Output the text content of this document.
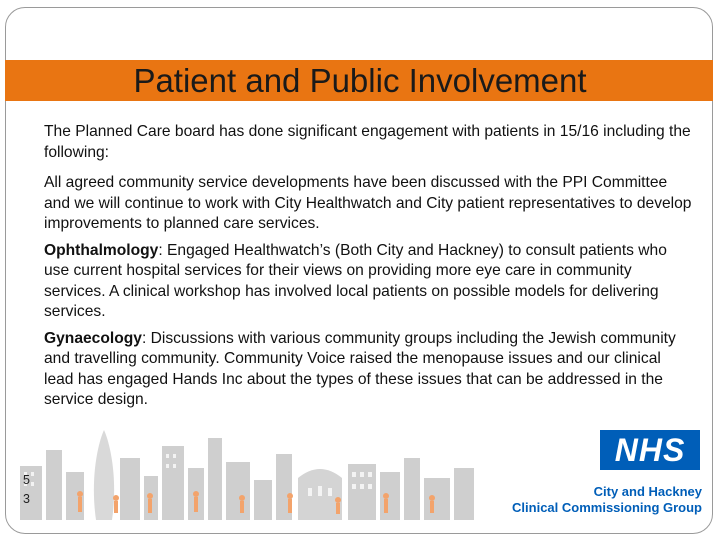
Patient and Public Involvement

The Planned Care board has done significant engagement with patients in 15/16 including the following:

All agreed community service developments have been discussed with the PPI Committee and we will continue to work with City Healthwatch and City patient representatives to develop improvements to planned care services.

Ophthalmology: Engaged Healthwatch’s (Both City and Hackney) to consult patients who use current hospital services for their views on providing more eye care in community services. A clinical workshop has involved local patients on possible models for delivering services.

Gynaecology: Discussions with various community groups including the Jewish community and travelling community. Community Voice raised the menopause issues and our clinical lead has engaged Hands Inc about the types of these issues that can be addressed in the service design.

5
3
NHS
City and Hackney
Clinical Commissioning Group
